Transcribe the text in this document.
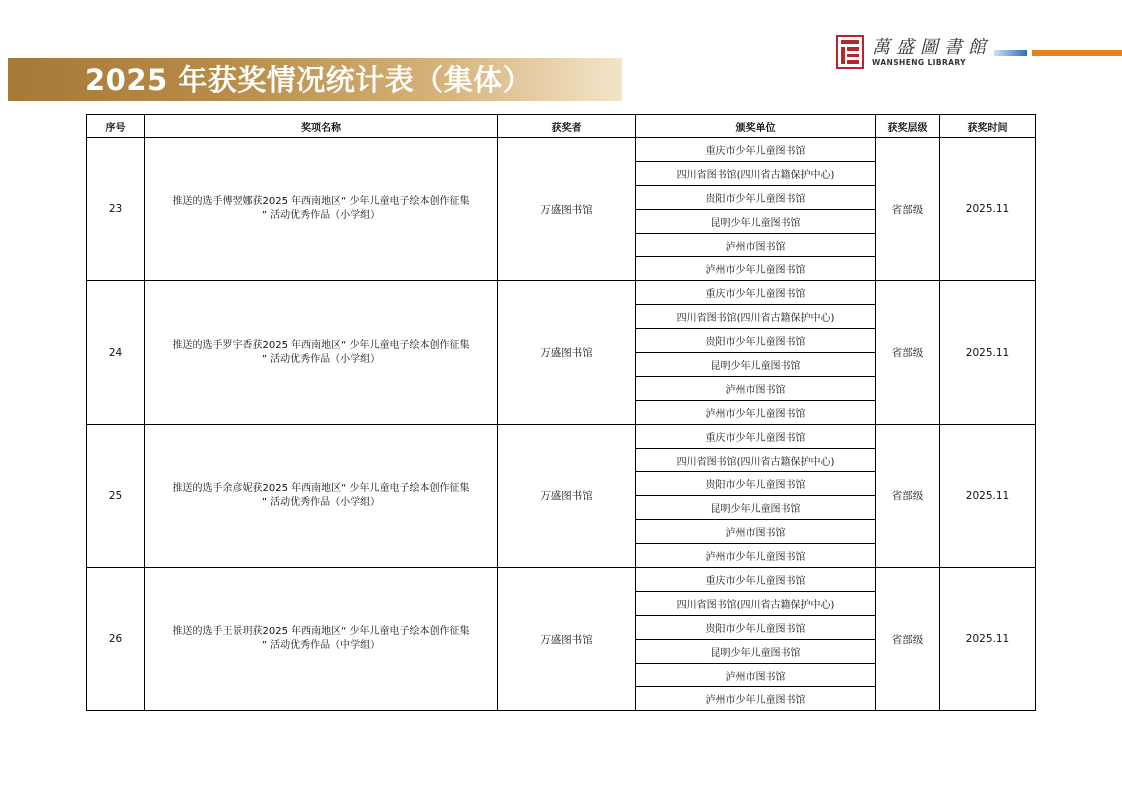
2025 年获奖情况统计表（集体）
萬盛圖書館
WANSHENG LIBRARY
序号	奖项名称	获奖者	颁奖单位	获奖层级	获奖时间
23	推送的选手傅翌娜获2025 年西南地区“ 少年儿童电子绘本创作征集
” 活动优秀作品（小学组）	万盛图书馆	重庆市少年儿童图书馆	省部级	2025.11
			四川省图书馆(四川省古籍保护中心)		
			贵阳市少年儿童图书馆		
			昆明少年儿童图书馆		
			泸州市图书馆		
			泸州市少年儿童图书馆		
24	推送的选手罗宇香获2025 年西南地区“ 少年儿童电子绘本创作征集
” 活动优秀作品（小学组）	万盛图书馆	重庆市少年儿童图书馆	省部级	2025.11
			四川省图书馆(四川省古籍保护中心)		
			贵阳市少年儿童图书馆		
			昆明少年儿童图书馆		
			泸州市图书馆		
			泸州市少年儿童图书馆		
25	推送的选手余彦妮获2025 年西南地区“ 少年儿童电子绘本创作征集
” 活动优秀作品（小学组）	万盛图书馆	重庆市少年儿童图书馆	省部级	2025.11
			四川省图书馆(四川省古籍保护中心)		
			贵阳市少年儿童图书馆		
			昆明少年儿童图书馆		
			泸州市图书馆		
			泸州市少年儿童图书馆		
26	推送的选手王景玥获2025 年西南地区“ 少年儿童电子绘本创作征集
” 活动优秀作品（中学组）	万盛图书馆	重庆市少年儿童图书馆	省部级	2025.11
			四川省图书馆(四川省古籍保护中心)		
			贵阳市少年儿童图书馆		
			昆明少年儿童图书馆		
			泸州市图书馆		
			泸州市少年儿童图书馆		
